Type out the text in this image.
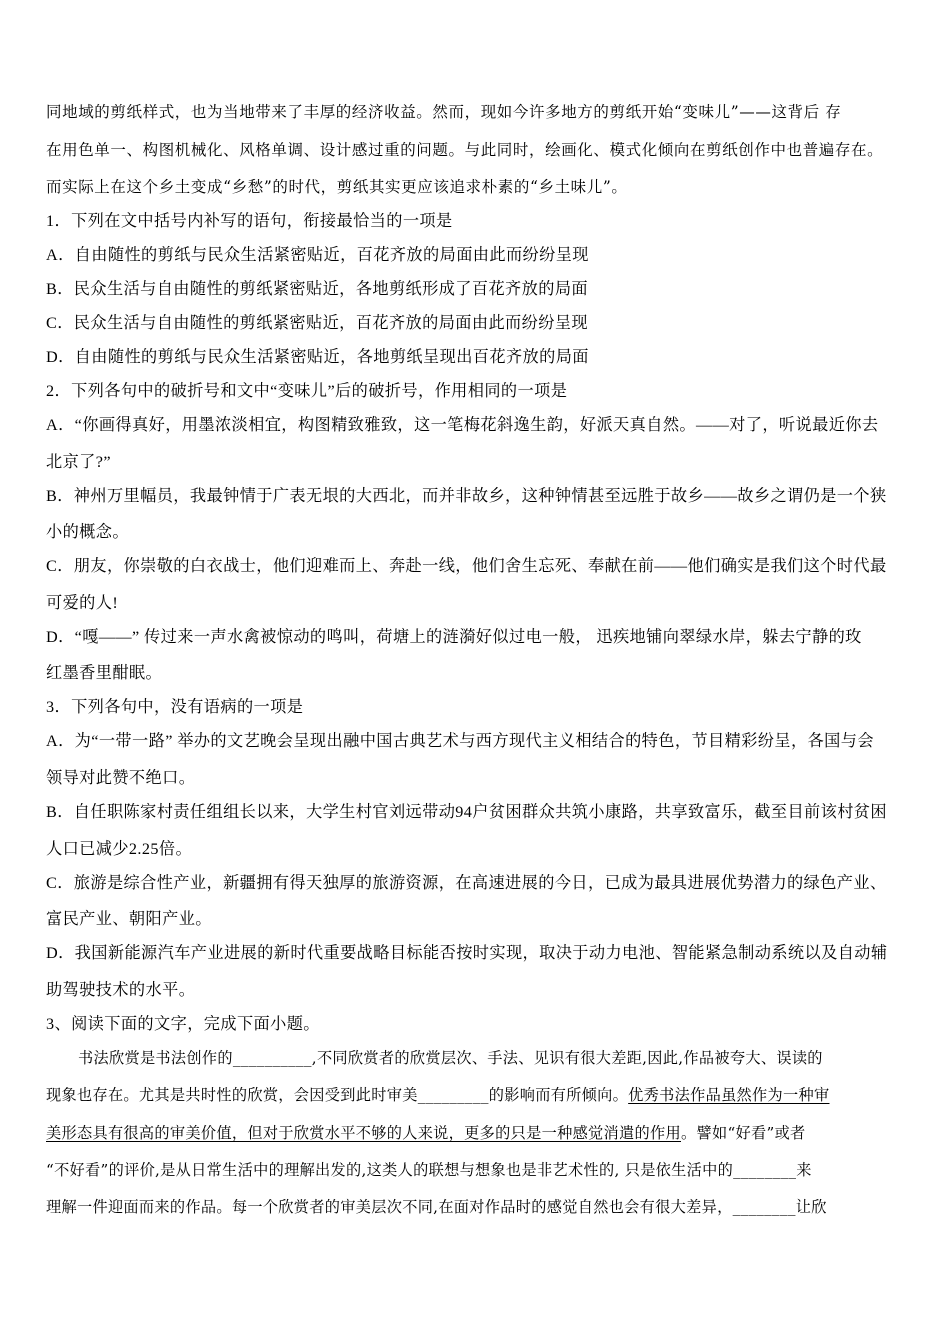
同地域的剪纸样式，也为当地带来了丰厚的经济收益。然而，现如今许多地方的剪纸开始“变味儿”——这背后 存
在用色单一、构图机械化、风格单调、设计感过重的问题。与此同时，绘画化、模式化倾向在剪纸创作中也普遍存在。
而实际上在这个乡土变成“乡愁”的时代，剪纸其实更应该追求朴素的“乡土味儿”。
1．下列在文中括号内补写的语句，衔接最恰当的一项是
A．自由随性的剪纸与民众生活紧密贴近，百花齐放的局面由此而纷纷呈现
B．民众生活与自由随性的剪纸紧密贴近，各地剪纸形成了百花齐放的局面
C．民众生活与自由随性的剪纸紧密贴近，百花齐放的局面由此而纷纷呈现
D．自由随性的剪纸与民众生活紧密贴近，各地剪纸呈现出百花齐放的局面
2．下列各句中的破折号和文中“变味儿”后的破折号，作用相同的一项是
A．“你画得真好，用墨浓淡相宜，构图精致雅致，这一笔梅花斜逸生韵，好派天真自然。——对了，听说最近你去
北京了?”
B．神州万里幅员，我最钟情于广表无垠的大西北，而并非故乡，这种钟情甚至远胜于故乡——故乡之谓仍是一个狭
小的概念。
C．朋友，你崇敬的白衣战士，他们迎难而上、奔赴一线，他们舍生忘死、奉献在前——他们确实是我们这个时代最
可爱的人!
D．“嘎——” 传过来一声水禽被惊动的鸣叫，荷塘上的涟漪好似过电一般， 迅疾地铺向翠绿水岸，躲去宁静的玫
红墨香里酣眠。
3．下列各句中，没有语病的一项是
A．为“一带一路” 举办的文艺晚会呈现出融中国古典艺术与西方现代主义相结合的特色，节目精彩纷呈，各国与会
领导对此赞不绝口。
B．自任职陈家村责任组组长以来，大学生村官刘远带动94户贫困群众共筑小康路，共享致富乐，截至目前该村贫困
人口已减少2.25倍。
C．旅游是综合性产业，新疆拥有得天独厚的旅游资源，在高速进展的今日，已成为最具进展优势潜力的绿色产业、
富民产业、朝阳产业。
D．我国新能源汽车产业进展的新时代重要战略目标能否按时实现，取决于动力电池、智能紧急制动系统以及自动辅
助驾驶技术的水平。
3、阅读下面的文字，完成下面小题。
书法欣赏是书法创作的__________,不同欣赏者的欣赏层次、手法、见识有很大差距,因此,作品被夸大、误读的
现象也存在。尤其是共时性的欣赏，会因受到此时审美_________的影响而有所倾向。优秀书法作品虽然作为一种审
美形态具有很高的审美价值，但对于欣赏水平不够的人来说，更多的只是一种感觉消遣的作用。譬如“好看”或者
“不好看”的评价,是从日常生活中的理解出发的,这类人的联想与想象也是非艺术性的, 只是依生活中的________来
理解一件迎面而来的作品。每一个欣赏者的审美层次不同,在面对作品时的感觉自然也会有很大差异，________让欣
